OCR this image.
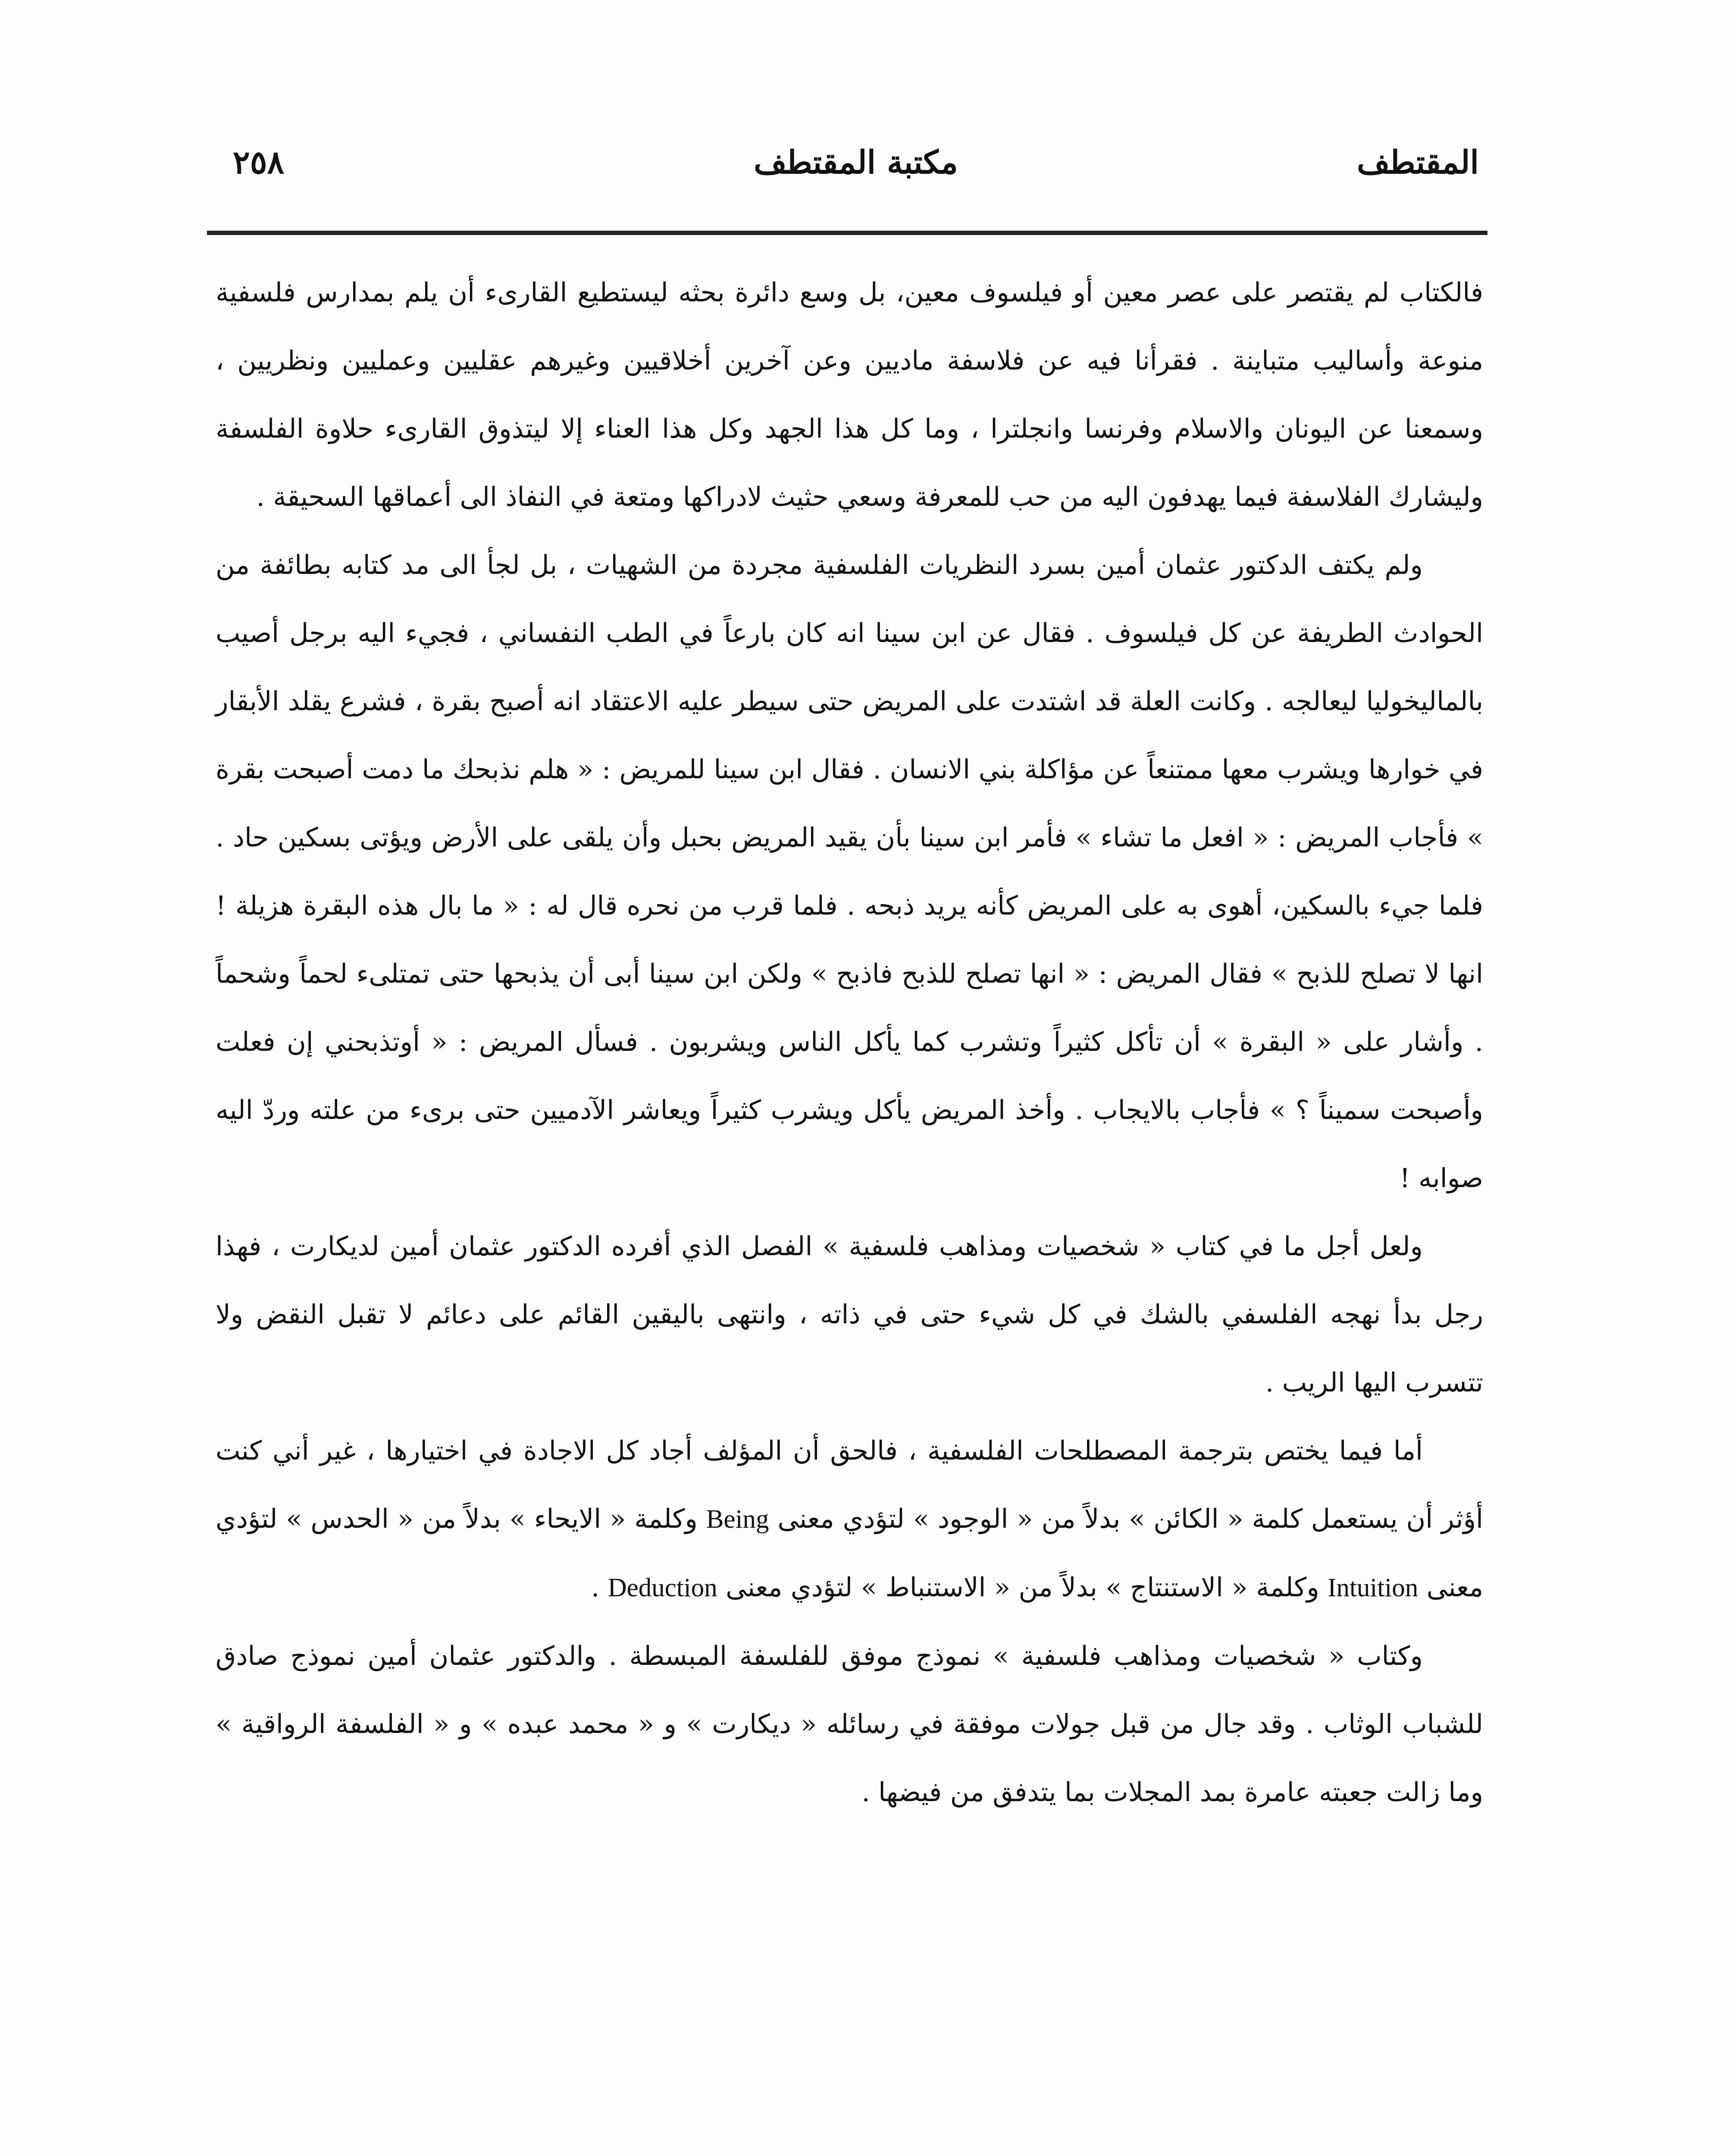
المقتطف
مكتبة المقتطف
٢٥٨

فالكتاب لم يقتصر على عصر معين أو فيلسوف معين، بل وسع دائرة بحثه ليستطيع القارىء أن يلم بمدارس فلسفية منوعة وأساليب متباينة . فقرأنا فيه عن فلاسفة ماديين وعن آخرين أخلاقيين وغيرهم عقليين وعمليين ونظريين ، وسمعنا عن اليونان والاسلام وفرنسا وانجلترا ، وما كل هذا الجهد وكل هذا العناء إلا ليتذوق القارىء حلاوة الفلسفة وليشارك الفلاسفة فيما يهدفون اليه من حب للمعرفة وسعي حثيث لادراكها ومتعة في النفاذ الى أعماقها السحيقة .

ولم يكتف الدكتور عثمان أمين بسرد النظريات الفلسفية مجردة من الشهيات ، بل لجأ الى مد كتابه بطائفة من الحوادث الطريفة عن كل فيلسوف . فقال عن ابن سينا انه كان بارعاً في الطب النفساني ، فجيء اليه برجل أصيب بالماليخوليا ليعالجه . وكانت العلة قد اشتدت على المريض حتى سيطر عليه الاعتقاد انه أصبح بقرة ، فشرع يقلد الأبقار في خوارها ويشرب معها ممتنعاً عن مؤاكلة بني الانسان . فقال ابن سينا للمريض : « هلم نذبحك ما دمت أصبحت بقرة » فأجاب المريض : « افعل ما تشاء » فأمر ابن سينا بأن يقيد المريض بحبل وأن يلقى على الأرض ويؤتى بسكين حاد . فلما جيء بالسكين، أهوى به على المريض كأنه يريد ذبحه . فلما قرب من نحره قال له : « ما بال هذه البقرة هزيلة ! انها لا تصلح للذبح » فقال المريض : « انها تصلح للذبح فاذبح » ولكن ابن سينا أبى أن يذبحها حتى تمتلىء لحماً وشحماً . وأشار على « البقرة » أن تأكل كثيراً وتشرب كما يأكل الناس ويشربون . فسأل المريض : « أوتذبحني إن فعلت وأصبحت سميناً ؟ » فأجاب بالايجاب . وأخذ المريض يأكل ويشرب كثيراً ويعاشر الآدميين حتى برىء من علته وردّ اليه صوابه !

ولعل أجل ما في كتاب « شخصيات ومذاهب فلسفية » الفصل الذي أفرده الدكتور عثمان أمين لديكارت ، فهذا رجل بدأ نهجه الفلسفي بالشك في كل شيء حتى في ذاته ، وانتهى باليقين القائم على دعائم لا تقبل النقض ولا تتسرب اليها الريب .

أما فيما يختص بترجمة المصطلحات الفلسفية ، فالحق أن المؤلف أجاد كل الاجادة في اختيارها ، غير أني كنت أؤثر أن يستعمل كلمة « الكائن » بدلاً من « الوجود » لتؤدي معنى Being وكلمة « الايحاء » بدلاً من « الحدس » لتؤدي معنى Intuition وكلمة « الاستنتاج » بدلاً من « الاستنباط » لتؤدي معنى Deduction .

وكتاب « شخصيات ومذاهب فلسفية » نموذج موفق للفلسفة المبسطة . والدكتور عثمان أمين نموذج صادق للشباب الوثاب . وقد جال من قبل جولات موفقة في رسائله « ديكارت » و « محمد عبده » و « الفلسفة الرواقية » وما زالت جعبته عامرة بمد المجلات بما يتدفق من فيضها .
